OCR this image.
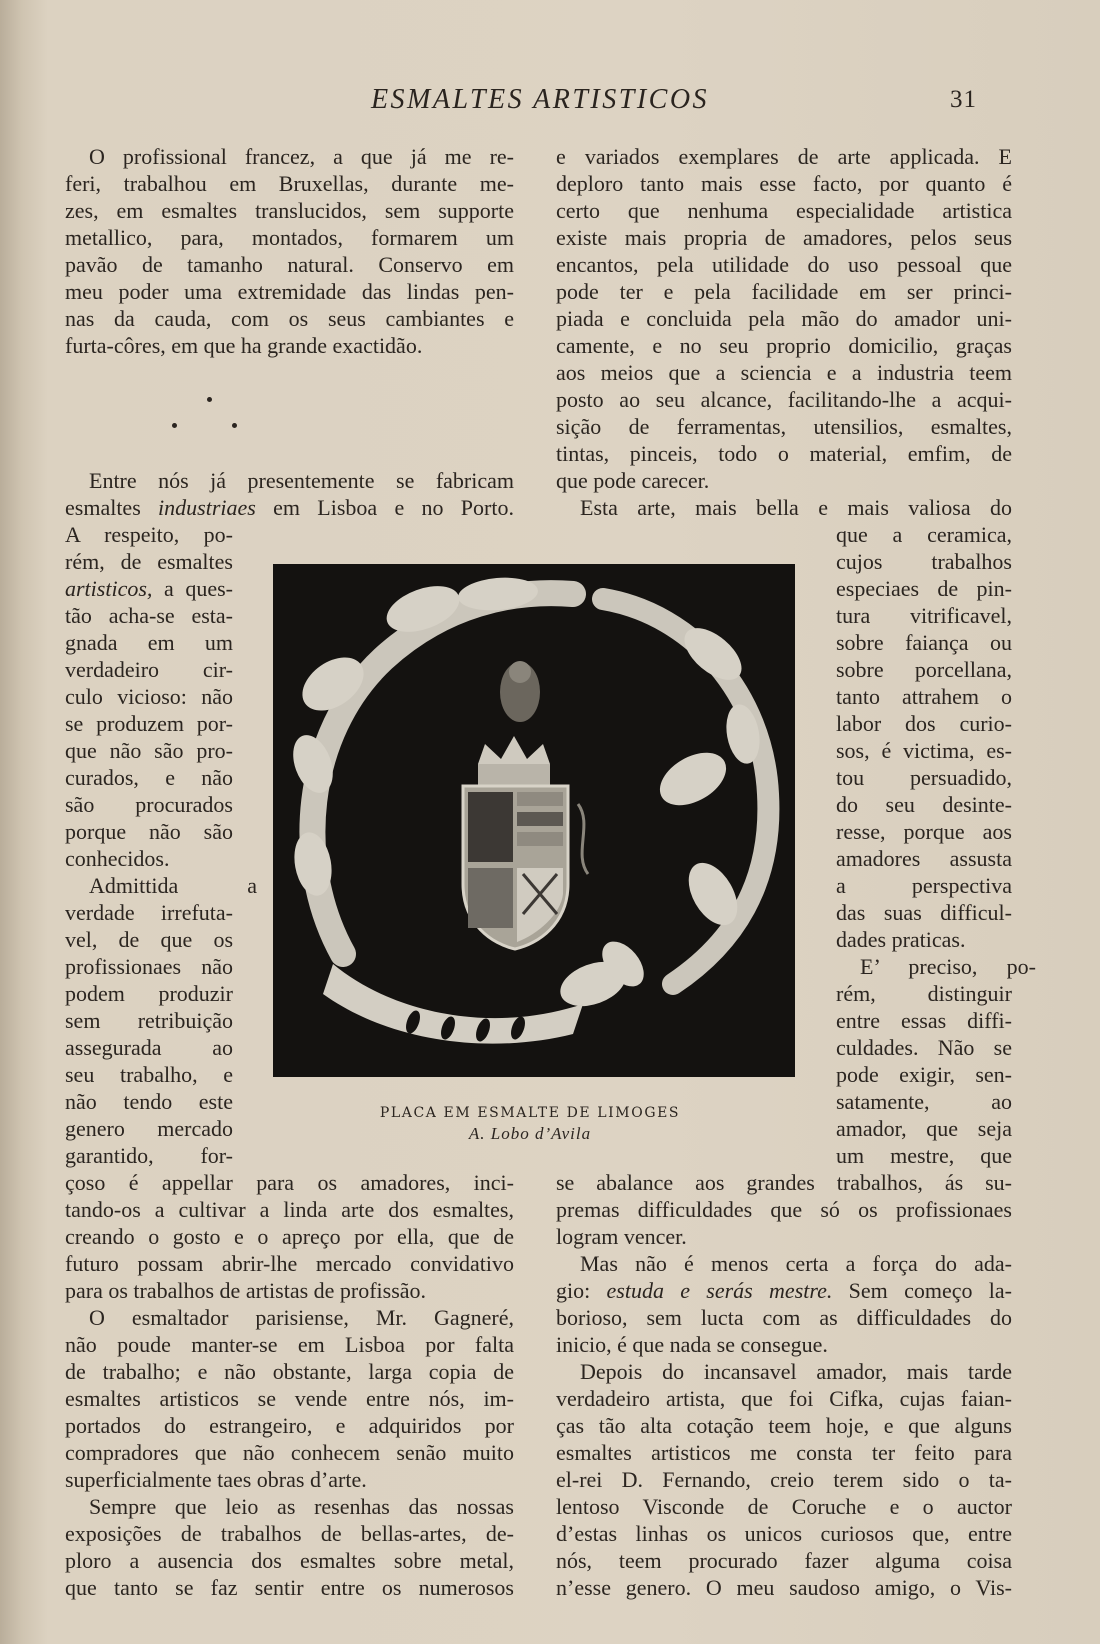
ESMALTES ARTISTICOS	31
O profissional francez, a que já me re-
feri, trabalhou em Bruxellas, durante me-
zes, em esmaltes translucidos, sem supporte
metallico, para, montados, formarem um
pavão de tamanho natural. Conservo em
meu poder uma extremidade das lindas pen-
nas da cauda, com os seus cambiantes e
furta-côres, em que ha grande exactidão.
Entre nós já presentemente se fabricam
esmaltes industriaes em Lisboa e no Porto.
A respeito, po-
rém, de esmaltes
artisticos, a ques-
tão acha-se esta-
gnada em um
verdadeiro cir-
culo vicioso: não
se produzem por-
que não são pro-
curados, e não
são procurados
porque não são
conhecidos.
Admittida a
verdade irrefuta-
vel, de que os
profissionaes não
podem produzir
sem retribuição
assegurada ao
seu trabalho, e
não tendo este
genero mercado
garantido, for-
çoso é appellar para os amadores, inci-
tando-os a cultivar a linda arte dos esmaltes,
creando o gosto e o apreço por ella, que de
futuro possam abrir-lhe mercado convidativo
para os trabalhos de artistas de profissão.
O esmaltador parisiense, Mr. Gagneré,
não poude manter-se em Lisboa por falta
de trabalho; e não obstante, larga copia de
esmaltes artisticos se vende entre nós, im-
portados do estrangeiro, e adquiridos por
compradores que não conhecem senão muito
superficialmente taes obras d’arte.
Sempre que leio as resenhas das nossas
exposições de trabalhos de bellas-artes, de-
ploro a ausencia dos esmaltes sobre metal,
que tanto se faz sentir entre os numerosos
e variados exemplares de arte applicada. E
deploro tanto mais esse facto, por quanto é
certo que nenhuma especialidade artistica
existe mais propria de amadores, pelos seus
encantos, pela utilidade do uso pessoal que
pode ter e pela facilidade em ser princi-
piada e concluida pela mão do amador uni-
camente, e no seu proprio domicilio, graças
aos meios que a sciencia e a industria teem
posto ao seu alcance, facilitando-lhe a acqui-
sição de ferramentas, utensilios, esmaltes,
tintas, pinceis, todo o material, emfim, de
que pode carecer.
Esta arte, mais bella e mais valiosa do
que a ceramica,
cujos trabalhos
especiaes de pin-
tura vitrificavel,
sobre faiança ou
sobre porcellana,
tanto attrahem o
labor dos curio-
sos, é victima, es-
tou persuadido,
do seu desinte-
resse, porque aos
amadores assusta
a perspectiva
das suas difficul-
dades praticas.
E’ preciso, po-
rém, distinguir
entre essas diffi-
culdades. Não se
pode exigir, sen-
satamente, ao
amador, que seja
um mestre, que
se abalance aos grandes trabalhos, ás su-
premas difficuldades que só os profissionaes
logram vencer.
Mas não é menos certa a força do ada-
gio: estuda e serás mestre. Sem começo la-
borioso, sem lucta com as difficuldades do
inicio, é que nada se consegue.
Depois do incansavel amador, mais tarde
verdadeiro artista, que foi Cifka, cujas faian-
ças tão alta cotação teem hoje, e que alguns
esmaltes artisticos me consta ter feito para
el-rei D. Fernando, creio terem sido o ta-
lentoso Visconde de Coruche e o auctor
d’estas linhas os unicos curiosos que, entre
nós, teem procurado fazer alguma coisa
n’esse genero. O meu saudoso amigo, o Vis-
PLACA EM ESMALTE DE LIMOGES
A. Lobo d’Avila
